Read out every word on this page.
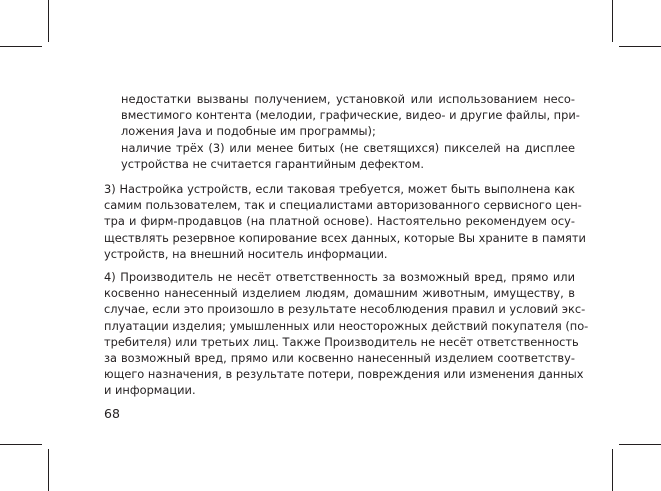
недостатки вызваны получением, установкой или использованием несо-
вместимого контента (мелодии, графические, видео- и другие файлы, при-
ложения Java и подобные им программы);
наличие трёх (3) или менее битых (не светящихся) пикселей на дисплее
устройства не считается гарантийным дефектом.
3) Настройка устройств, если таковая требуется, может быть выполнена как
самим пользователем, так и специалистами авторизованного сервисного цен-
тра и фирм-продавцов (на платной основе). Настоятельно рекомендуем осу-
ществлять резервное копирование всех данных, которые Вы храните в памяти
устройств, на внешний носитель информации.
4) Производитель не несёт ответственность за возможный вред, прямо или
косвенно нанесенный изделием людям, домашним животным, имуществу, в
случае, если это произошло в результате несоблюдения правил и условий экс-
плуатации изделия; умышленных или неосторожных действий покупателя (по-
требителя) или третьих лиц. Также Производитель не несёт ответственность
за возможный вред, прямо или косвенно нанесенный изделием соответству-
ющего назначения, в результате потери, повреждения или изменения данных
и информации.
68
